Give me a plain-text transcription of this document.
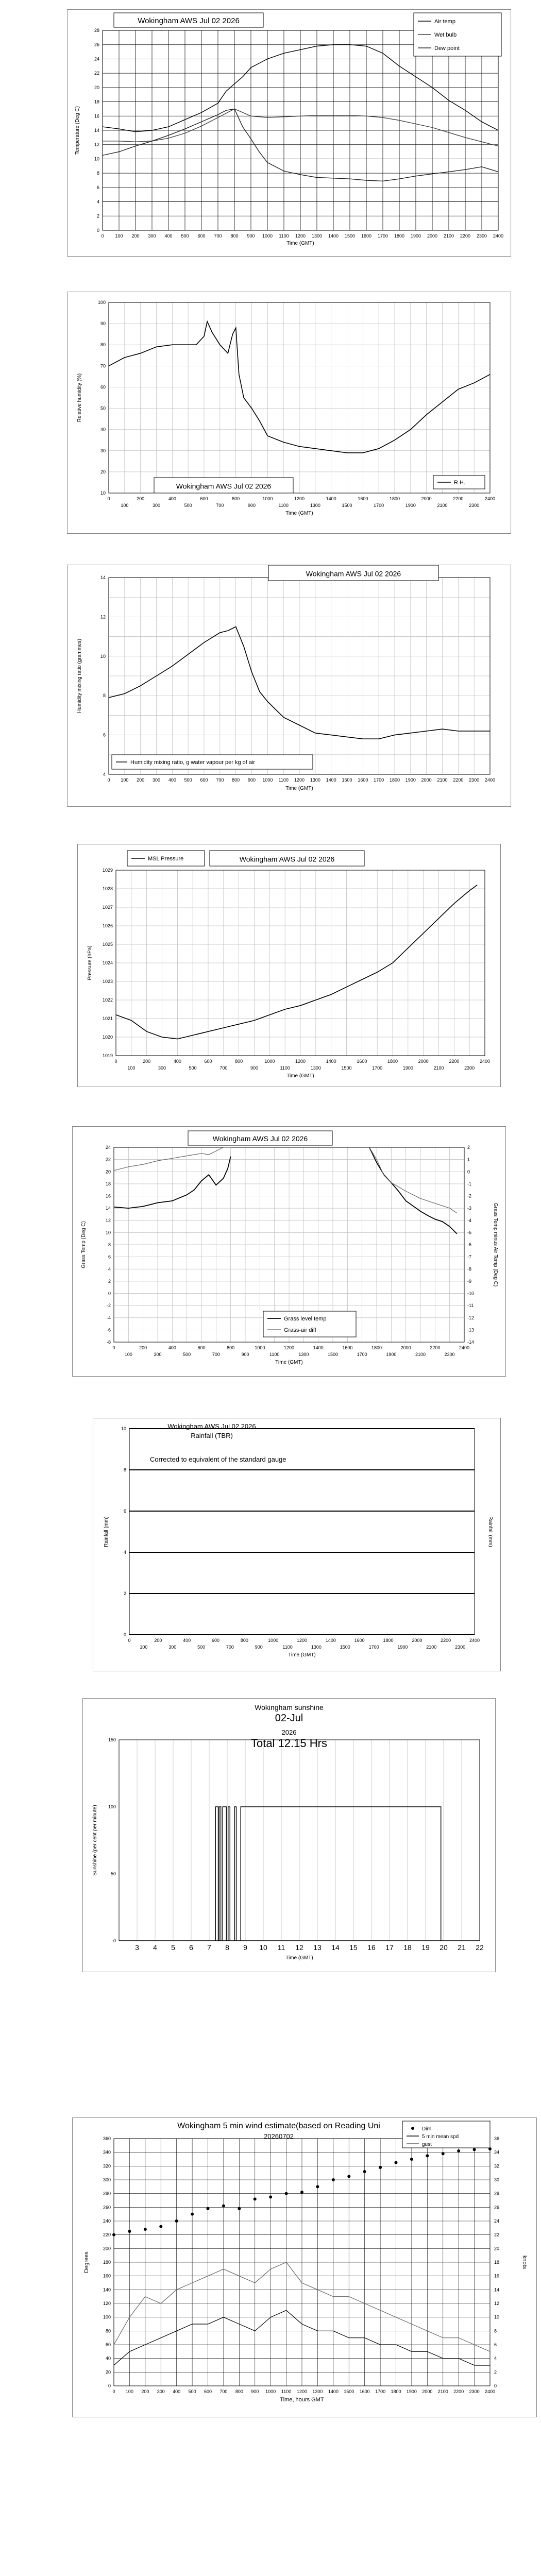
0
2
4
6
8
10
12
14
16
18
20
22
24
26
28
0 100 200 300 400 500 600 700 800 900 1000 1100 1200 1300 1400 1500 1600 1700 1800 1900 2000 2100 2200 2300 2400
Time (GMT)
Temperature (Deg C)
Wokingham AWS Jul 02 2026	Air temp
Wet bulb
Dew point
10
20
30
40
50
60
70
80
90
100
0	200	400	600	800	1000	1200	1400	1600	1800	2000	2200	2400
100	300	500	700	900	1100	1300	1500	1700	1900	2100	2300
Time (GMT)
Relative humidity (%)
Wokingham AWS Jul 02 2026	R.H.
4
6
8
10
12
14
0 100 200 300 400 500 600 700 800 900 1000 1100 1200 1300 1400 1500 1600 1700 1800 1900 2000 2100 2200 2300 2400
Time (GMT)
Humidity mixing ratio (grammes)
Wokingham AWS Jul 02 2026
Humidity mixing ratio, g water vapour per kg of air
1019
1020
1021
1022
1023
1024
1025
1026
1027
1028
1029
0	200	400	600	800	1000	1200	1400	1600	1800	2000	2200	2400
100	300	500	700	900	1100	1300	1500	1700	1900	2100	2300
Time (GMT)
Pressure (hPa)
MSL Pressure	Wokingham AWS Jul 02 2026
24
22
20
18
16
14
12
10
8
6
4
2
0
-2
-4
-6
-8
2
1
0
-1
-2
-3
-4
-5
-6
-7
-8
-9
-10
-11
-12
-13
-14
0	200	400	600	800	1000	1200	1400	1600	1800	2000	2200	2400
100	300	500	700	900	1100	1300	1500	1700	1900	2100	2300
Time (GMT)
Grass Temp (Deg C)	Grass Temp minus Air Temp (Deg C)
Wokingham AWS Jul 02 2026
Grass level temp
Grass-air diff
0
2
4
6
8
10
0	200	400	600	800	1000	1200	1400	1600	1800	2000	2200	2400
100	300	500	700	900	1100	1300	1500	1700	1900	2100	2300
Time (GMT)
Rainfall (mm)	Rainfall (mm)
Wokingham AWS Jul 02 2026
Rainfall (TBR)
Corrected to equivalent of the standard gauge
3 4 5 6 7 8 9 10 11 12 13 14 15 16 17 18 19 20 21 22
0
50
100
150
Time (GMT)
Sunshine (per cent per minute)
Wokingham sunshine
02-Jul
2026
Total 12.15 Hrs
0
20
40
60
80
100
120
140
160
180
200
220
240
260
280
300
320
340
360
0
2
4
6
8
10
12
14
16
18
20
22
24
26
28
30
32
34
36
0 100 200 300 400 500 600 700 800 900 1000 1100 1200 1300 1400 1500 1600 1700 1800 1900 2000 2100 2200 2300 2400
Time, hours GMT
Degrees	knots
Wokingham 5 min wind estimate(based on Reading Uni
20260702
Dirn
5 min mean spd
gust
